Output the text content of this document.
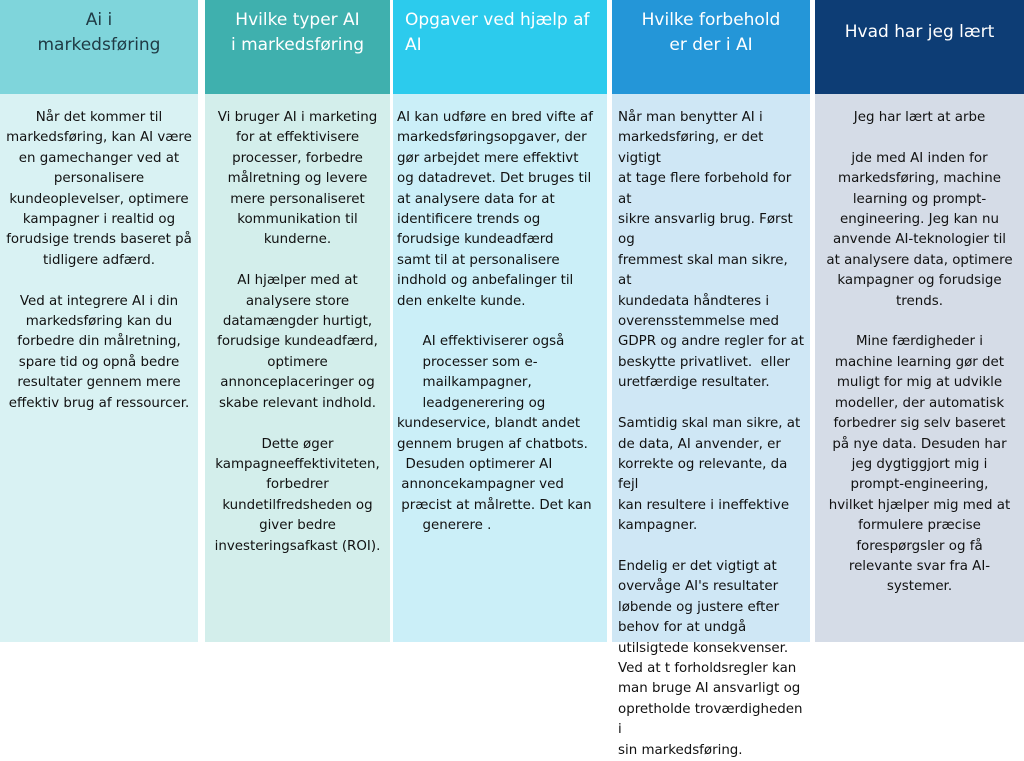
Ai i
markedsføring
Når det kommer til
markedsføring, kan AI være
en gamechanger ved at
personalisere
kundeoplevelser, optimere
kampagner i realtid og
forudsige trends baseret på
tidligere adfærd.

Ved at integrere AI i din
markedsføring kan du
forbedre din målretning,
spare tid og opnå bedre
resultater gennem mere
effektiv brug af ressourcer.
Hvilke typer AI
i markedsføring
Vi bruger AI i marketing
for at effektivisere
processer, forbedre
målretning og levere
mere personaliseret
kommunikation til
kunderne.

AI hjælper med at
analysere store
datamængder hurtigt,
forudsige kundeadfærd,
optimere
annonceplaceringer og
skabe relevant indhold.

Dette øger
kampagneeffektiviteten,
forbedrer
kundetilfredsheden og
giver bedre
investeringsafkast (ROI).
Opgaver ved hjælp af
AI
AI kan udføre en bred vifte af
markedsføringsopgaver, der
gør arbejdet mere effektivt
og datadrevet. Det bruges til
at analysere data for at
identificere trends og
forudsige kundeadfærd
samt til at personalisere
indhold og anbefalinger til
den enkelte kunde.

AI effektiviserer også
processer som e-
mailkampagner,
leadgenerering og
kundeservice, blandt andet
gennem brugen af chatbots.
Desuden optimerer AI
annoncekampagner ved
præcist at målrette. Det kan
generere .
Hvilke forbehold
er der i AI
Når man benytter AI i
markedsføring, er det vigtigt
at tage flere forbehold for at
sikre ansvarlig brug. Først og
fremmest skal man sikre, at
kundedata håndteres i
overensstemmelse med
GDPR og andre regler for at
beskytte privatlivet.  eller
uretfærdige resultater.

Samtidig skal man sikre, at
de data, AI anvender, er
korrekte og relevante, da fejl
kan resultere i ineffektive
kampagner.

Endelig er det vigtigt at
overvåge AI's resultater
løbende og justere efter
behov for at undgå
utilsigtede konsekvenser.
Ved at t forholdsregler kan
man bruge AI ansvarligt og
opretholde troværdigheden i
sin markedsføring.
Hvad har jeg lært
Jeg har lært at arbe

jde med AI inden for
markedsføring, machine
learning og prompt-
engineering. Jeg kan nu
anvende AI-teknologier til
at analysere data, optimere
kampagner og forudsige
trends.

Mine færdigheder i
machine learning gør det
muligt for mig at udvikle
modeller, der automatisk
forbedrer sig selv baseret
på nye data. Desuden har
jeg dygtiggjort mig i
prompt-engineering,
hvilket hjælper mig med at
formulere præcise
forespørgsler og få
relevante svar fra AI-
systemer.
